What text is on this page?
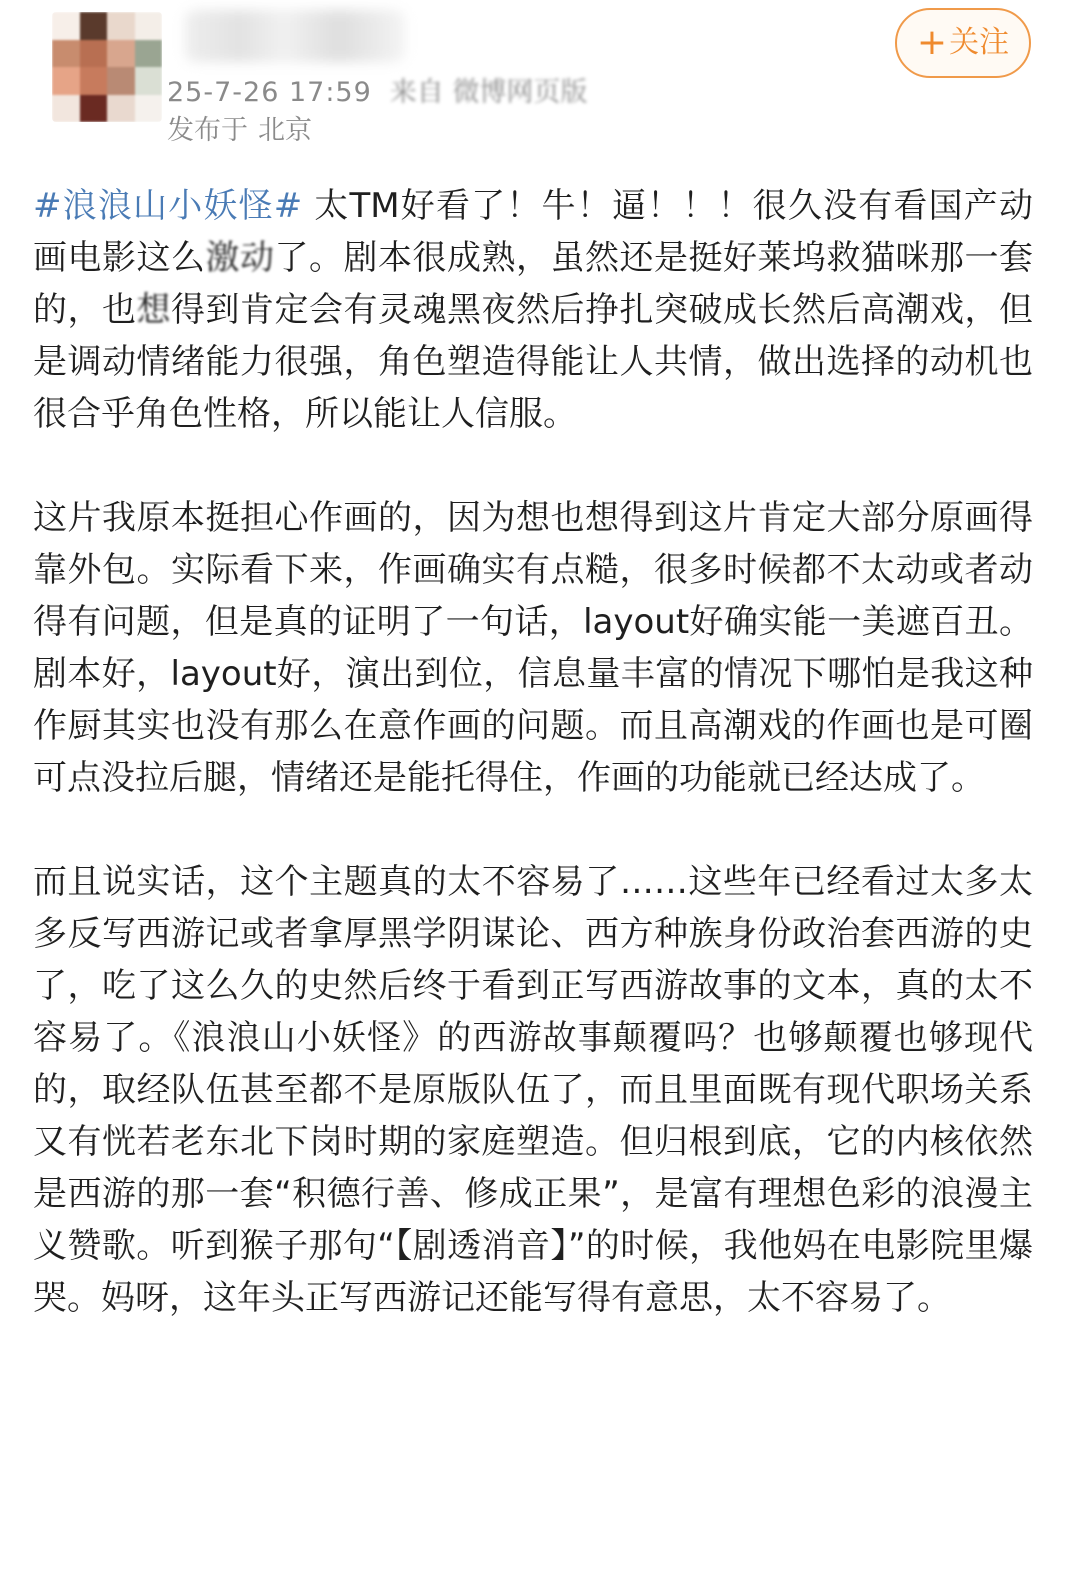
25-7-26 17:59 来自 微博网页版
发布于 北京
+关注

#浪浪山小妖怪# 太TM好看了！牛！逼！！！很久没有看国产动画电影这么激动了。剧本很成熟，虽然还是挺好莱坞救猫咪那一套的，也想得到肯定会有灵魂黑夜然后挣扎突破成长然后高潮戏，但是调动情绪能力很强，角色塑造得能让人共情，做出选择的动机也很合乎角色性格，所以能让人信服。

这片我原本挺担心作画的，因为想也想得到这片肯定大部分原画得靠外包。实际看下来，作画确实有点糙，很多时候都不太动或者动得有问题，但是真的证明了一句话，layout好确实能一美遮百丑。剧本好，layout好，演出到位，信息量丰富的情况下哪怕是我这种作厨其实也没有那么在意作画的问题。而且高潮戏的作画也是可圈可点没拉后腿，情绪还是能托得住，作画的功能就已经达成了。

而且说实话，这个主题真的太不容易了……这些年已经看过太多太多反写西游记或者拿厚黑学阴谋论、西方种族身份政治套西游的史了，吃了这么久的史然后终于看到正写西游故事的文本，真的太不容易了。《浪浪山小妖怪》的西游故事颠覆吗？也够颠覆也够现代的，取经队伍甚至都不是原版队伍了，而且里面既有现代职场关系又有恍若老东北下岗时期的家庭塑造。但归根到底，它的内核依然是西游的那一套“积德行善、修成正果”，是富有理想色彩的浪漫主义赞歌。听到猴子那句“【剧透消音】”的时候，我他妈在电影院里爆哭。妈呀，这年头正写西游记还能写得有意思，太不容易了。
